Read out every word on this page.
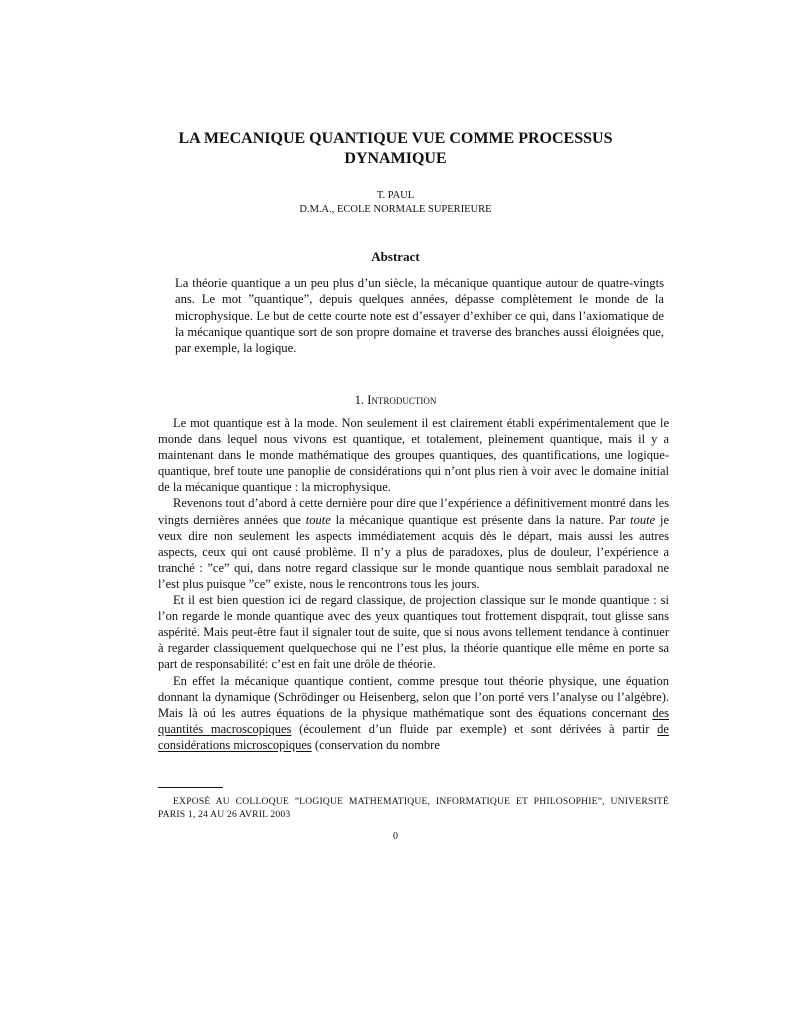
LA MECANIQUE QUANTIQUE VUE COMME PROCESSUS DYNAMIQUE
T. PAUL
D.M.A., ECOLE NORMALE SUPERIEURE
Abstract

La théorie quantique a un peu plus d’un siècle, la mécanique quantique autour de quatre-vingts ans. Le mot ”quantique”, depuis quelques années, dépasse complètement le monde de la microphysique. Le but de cette courte note est d’essayer d’exhiber ce qui, dans l’axiomatique de la mécanique quantique sort de son propre domaine et traverse des branches aussi éloignées que, par exemple, la logique.

1. Introduction

Le mot quantique est à la mode. Non seulement il est clairement établi expérimentalement que le monde dans lequel nous vivons est quantique, et totalement, pleinement quantique, mais il y a maintenant dans le monde mathématique des groupes quantiques, des quantifications, une logique-quantique, bref toute une panoplie de considérations qui n’ont plus rien à voir avec le domaine initial de la mécanique quantique : la microphysique.

Revenons tout d’abord à cette dernière pour dire que l’expérience a définitivement montré dans les vingts dernières années que toute la mécanique quantique est présente dans la nature. Par toute je veux dire non seulement les aspects immédiatement acquis dès le départ, mais aussi les autres aspects, ceux qui ont causé problème. Il n’y a plus de paradoxes, plus de douleur, l’expérience a tranché : ”ce” qui, dans notre regard classique sur le monde quantique nous semblait paradoxal ne l’est plus puisque ”ce” existe, nous le rencontrons tous les jours.

Et il est bien question ici de regard classique, de projection classique sur le monde quantique : si l’on regarde le monde quantique avec des yeux quantiques tout frottement dispqrait, tout glisse sans aspérité. Mais peut-être faut il signaler tout de suite, que si nous avons tellement tendance à continuer à regarder classiquement quelquechose qui ne l’est plus, la théorie quantique elle même en porte sa part de responsabilité: c’est en fait une drôle de théorie.

En effet la mécanique quantique contient, comme presque tout théorie physique, une équation donnant la dynamique (Schrödinger ou Heisenberg, selon que l’on porté vers l’analyse ou l’algèbre). Mais là oú les autres équations de la physique mathématique sont des équations concernant des quantités macroscopiques (écoulement d’un fluide par exemple) et sont dérivées à partir de considérations microscopiques (conservation du nombre

EXPOSÉ AU COLLOQUE ”LOGIQUE MATHEMATIQUE, INFORMATIQUE ET PHILOSOPHIE”, UNIVERSITÉ PARIS 1, 24 AU 26 AVRIL 2003

0
